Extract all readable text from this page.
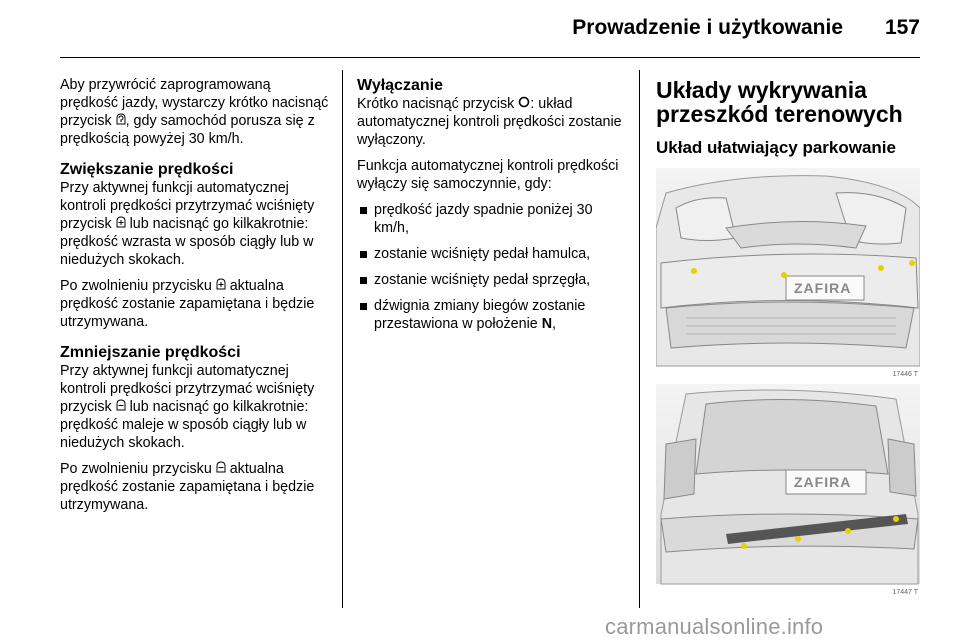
Prowadzenie i użytkowanie 157

Aby przywrócić zaprogramowaną prędkość jazdy, wystarczy krótko nacisnąć przycisk , gdy samochód porusza się z prędkością powyżej 30 km/h.

Zwiększanie prędkości

Przy aktywnej funkcji automatycznej kontroli prędkości przytrzymać wciśnięty przycisk  lub nacisnąć go kilkakrotnie: prędkość wzrasta w sposób ciągły lub w niedużych skokach.

Po zwolnieniu przycisku  aktualna prędkość zostanie zapamiętana i będzie utrzymywana.

Zmniejszanie prędkości

Przy aktywnej funkcji automatycznej kontroli prędkości przytrzymać wciśnięty przycisk  lub nacisnąć go kilkakrotnie: prędkość maleje w sposób ciągły lub w niedużych skokach.

Po zwolnieniu przycisku  aktualna prędkość zostanie zapamiętana i będzie utrzymywana.

Wyłączanie

Krótko nacisnąć przycisk : układ automatycznej kontroli prędkości zostanie wyłączony.

Funkcja automatycznej kontroli prędkości wyłączy się samoczynnie, gdy:

prędkość jazdy spadnie poniżej 30 km/h,
zostanie wciśnięty pedał hamulca,
zostanie wciśnięty pedał sprzęgła,
dźwignia zmiany biegów zostanie przestawiona w położenie N,
Układy wykrywania przeszkód terenowych
Układ ułatwiający parkowanie
ZAFIRA
17446 T
ZAFIRA
17447 T
carmanualsonline.info
